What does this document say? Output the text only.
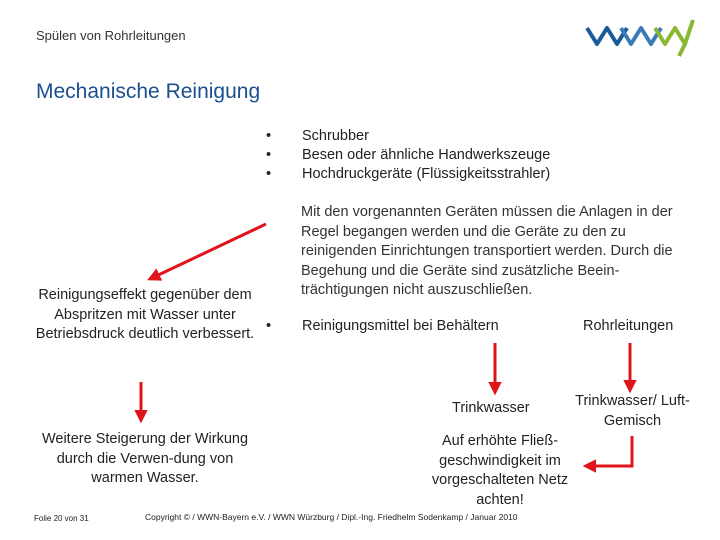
Spülen von Rohrleitungen
Mechanische Reinigung
•	Schrubber
•	Besen oder ähnliche Handwerkszeuge
•	Hochdruckgeräte (Flüssigkeitsstrahler)
Mit den vorgenannten Geräten müssen die Anlagen in der Regel begangen werden und die Geräte zu den zu reinigenden Einrichtungen transportiert werden. Durch die Begehung und die Geräte sind zusätzliche Beein-trächtigungen nicht auszuschließen.
Reinigungseffekt gegenüber dem Abspritzen mit Wasser unter Betriebsdruck deutlich verbessert.
Weitere Steigerung der Wirkung durch die Verwen-dung von warmen Wasser.
•	Reinigungsmittel bei Behältern	Rohrleitungen
Trinkwasser	Trinkwasser/ Luft-Gemisch
Auf erhöhte Fließ-geschwindigkeit im vorgeschalteten Netz achten!
Folie 20 von 31	Copyright © / WWN-Bayern e.V. / WWN Würzburg / Dipl.-Ing. Friedhelm Sodenkamp / Januar 2010
